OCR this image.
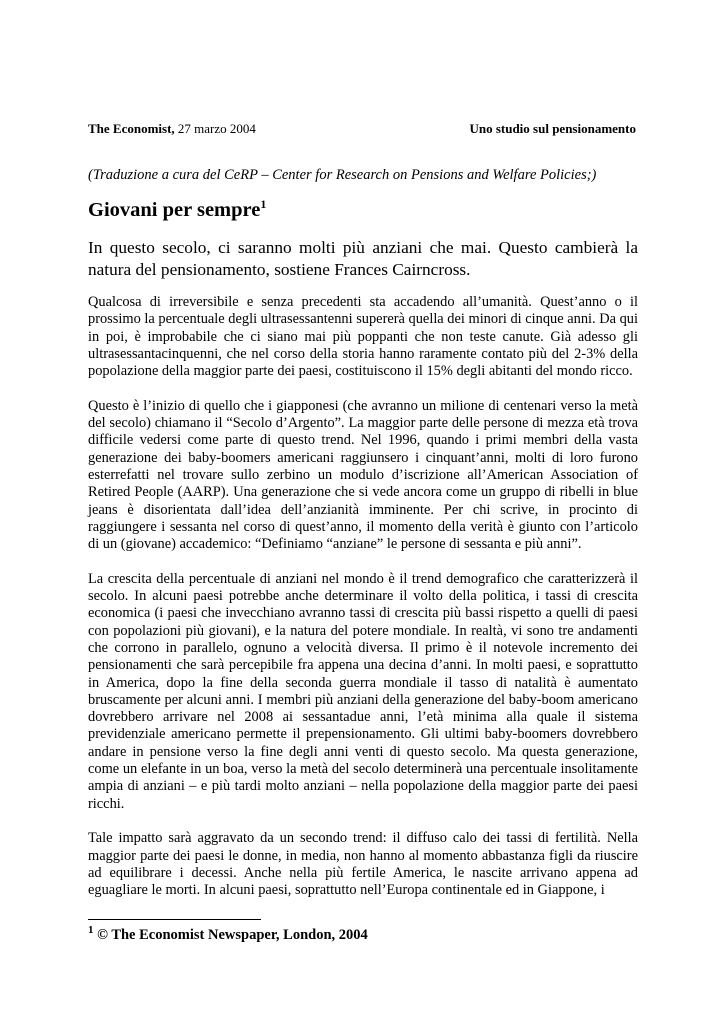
The Economist, 27 marzo 2004	Uno studio sul pensionamento
(Traduzione a cura del CeRP – Center for Research on Pensions and Welfare Policies;)
Giovani per sempre$^1$
In questo secolo, ci saranno molti più anziani che mai. Questo cambierà la natura del pensionamento, sostiene Frances Cairncross.

Qualcosa di irreversibile e senza precedenti sta accadendo all’umanità. Quest’anno o il prossimo la percentuale degli ultrasessantenni supererà quella dei minori di cinque anni. Da qui in poi, è improbabile che ci siano mai più poppanti che non teste canute. Già adesso gli ultrasessantacinquenni, che nel corso della storia hanno raramente contato più del 2-3% della popolazione della maggior parte dei paesi, costituiscono il 15% degli abitanti del mondo ricco.

Questo è l’inizio di quello che i giapponesi (che avranno un milione di centenari verso la metà del secolo) chiamano il “Secolo d’Argento”. La maggior parte delle persone di mezza età trova difficile vedersi come parte di questo trend. Nel 1996, quando i primi membri della vasta generazione dei baby-boomers americani raggiunsero i cinquant’anni, molti di loro furono esterrefatti nel trovare sullo zerbino un modulo d’iscrizione all’American Association of Retired People (AARP). Una generazione che si vede ancora come un gruppo di ribelli in blue jeans è disorientata dall’idea dell’anzianità imminente. Per chi scrive, in procinto di raggiungere i sessanta nel corso di quest’anno, il momento della verità è giunto con l’articolo di un (giovane) accademico: “Definiamo “anziane” le persone di sessanta e più anni”.

La crescita della percentuale di anziani nel mondo è il trend demografico che caratterizzerà il secolo. In alcuni paesi potrebbe anche determinare il volto della politica, i tassi di crescita economica (i paesi che invecchiano avranno tassi di crescita più bassi rispetto a quelli di paesi con popolazioni più giovani), e la natura del potere mondiale. In realtà, vi sono tre andamenti che corrono in parallelo, ognuno a velocità diversa. Il primo è il notevole incremento dei pensionamenti che sarà percepibile fra appena una decina d’anni. In molti paesi, e soprattutto in America, dopo la fine della seconda guerra mondiale il tasso di natalità è aumentato bruscamente per alcuni anni. I membri più anziani della generazione del baby-boom americano dovrebbero arrivare nel 2008 ai sessantadue anni, l’età minima alla quale il sistema previdenziale americano permette il prepensionamento. Gli ultimi baby-boomers dovrebbero andare in pensione verso la fine degli anni venti di questo secolo. Ma questa generazione, come un elefante in un boa, verso la metà del secolo determinerà una percentuale insolitamente ampia di anziani – e più tardi molto anziani – nella popolazione della maggior parte dei paesi ricchi.

Tale impatto sarà aggravato da un secondo trend: il diffuso calo dei tassi di fertilità. Nella maggior parte dei paesi le donne, in media, non hanno al momento abbastanza figli da riuscire ad equilibrare i decessi. Anche nella più fertile America, le nascite arrivano appena ad eguagliare le morti. In alcuni paesi, soprattutto nell’Europa continentale ed in Giappone, i

$^1$ © The Economist Newspaper, London, 2004
